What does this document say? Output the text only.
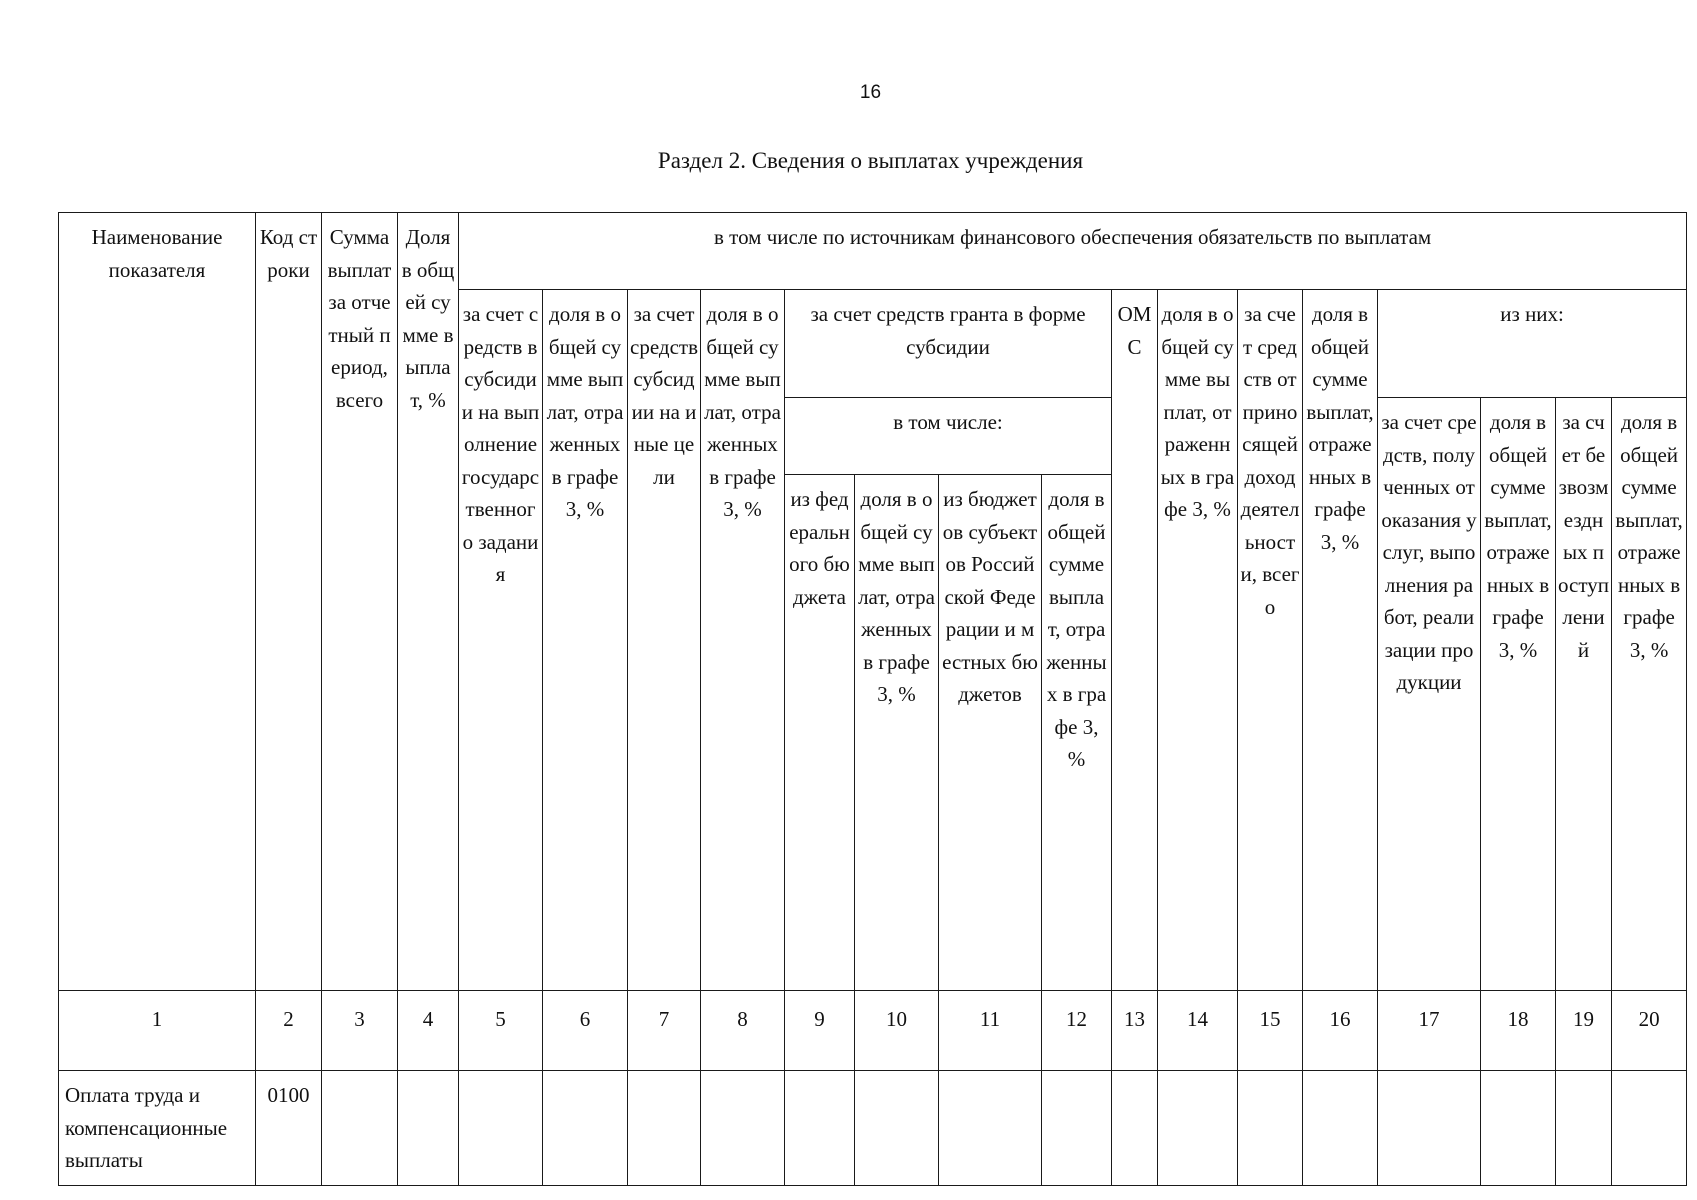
16
Раздел 2. Сведения о выплатах учреждения
Наименование показателя	Код строки	Сумма выплат за отчетный период, всего	Доля в общей сумме выплат, %	в том числе по источникам финансового обеспечения обязательств по выплатам															
				за счет средств в субсидии на выполнение государственного задания	доля в общей сумме выплат, отраженных в графе 3, %	за счет средств субсидии на иные цели	доля в общей сумме выплат, отраженных в графе 3, %	за счет средств гранта в форме субсидии				ОМС	доля в общей сумме выплат, отраженных в графе 3, %	за счет средств от приносящей доход деятельности, всего	доля в общей сумме выплат, отраженных в графе 3, %	из них:			
								в том числе:								за счет средств, полученных от оказания услуг, выполнения работ, реализации продукции	доля в общей сумме выплат, отраженных в графе 3, %	за счет безвозмездных поступлений	доля в общей сумме выплат, отраженных в графе 3, %
								из федерального бюджета	доля в общей сумме выплат, отраженных в графе 3, %	из бюджетов субъектов Российской Федерации и местных бюджетов	доля в общей сумме выплат, отраженных в графе 3, %								
1	2	3	4	5	6	7	8	9	10	11	12	13	14	15	16	17	18	19	20
Оплата труда и компенсационные выплаты	0100																		
